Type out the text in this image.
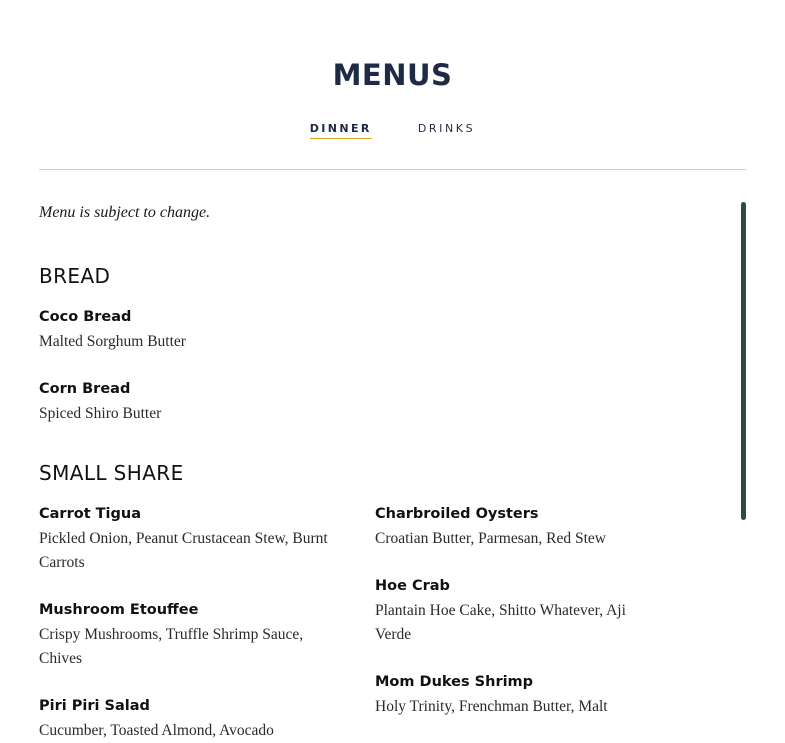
MENUS
DINNER	DRINKS

Menu is subject to change.

BREAD
Coco Bread
Malted Sorghum Butter
Corn Bread
Spiced Shiro Butter
SMALL SHARE
Carrot Tigua
Pickled Onion, Peanut Crustacean Stew, Burnt Carrots
Mushroom Etouffee
Crispy Mushrooms, Truffle Shrimp Sauce, Chives
Piri Piri Salad
Cucumber, Toasted Almond, Avocado
Charbroiled Oysters
Croatian Butter, Parmesan, Red Stew
Hoe Crab
Plantain Hoe Cake, Shitto Whatever, Aji Verde
Mom Dukes Shrimp
Holy Trinity, Frenchman Butter, Malt
